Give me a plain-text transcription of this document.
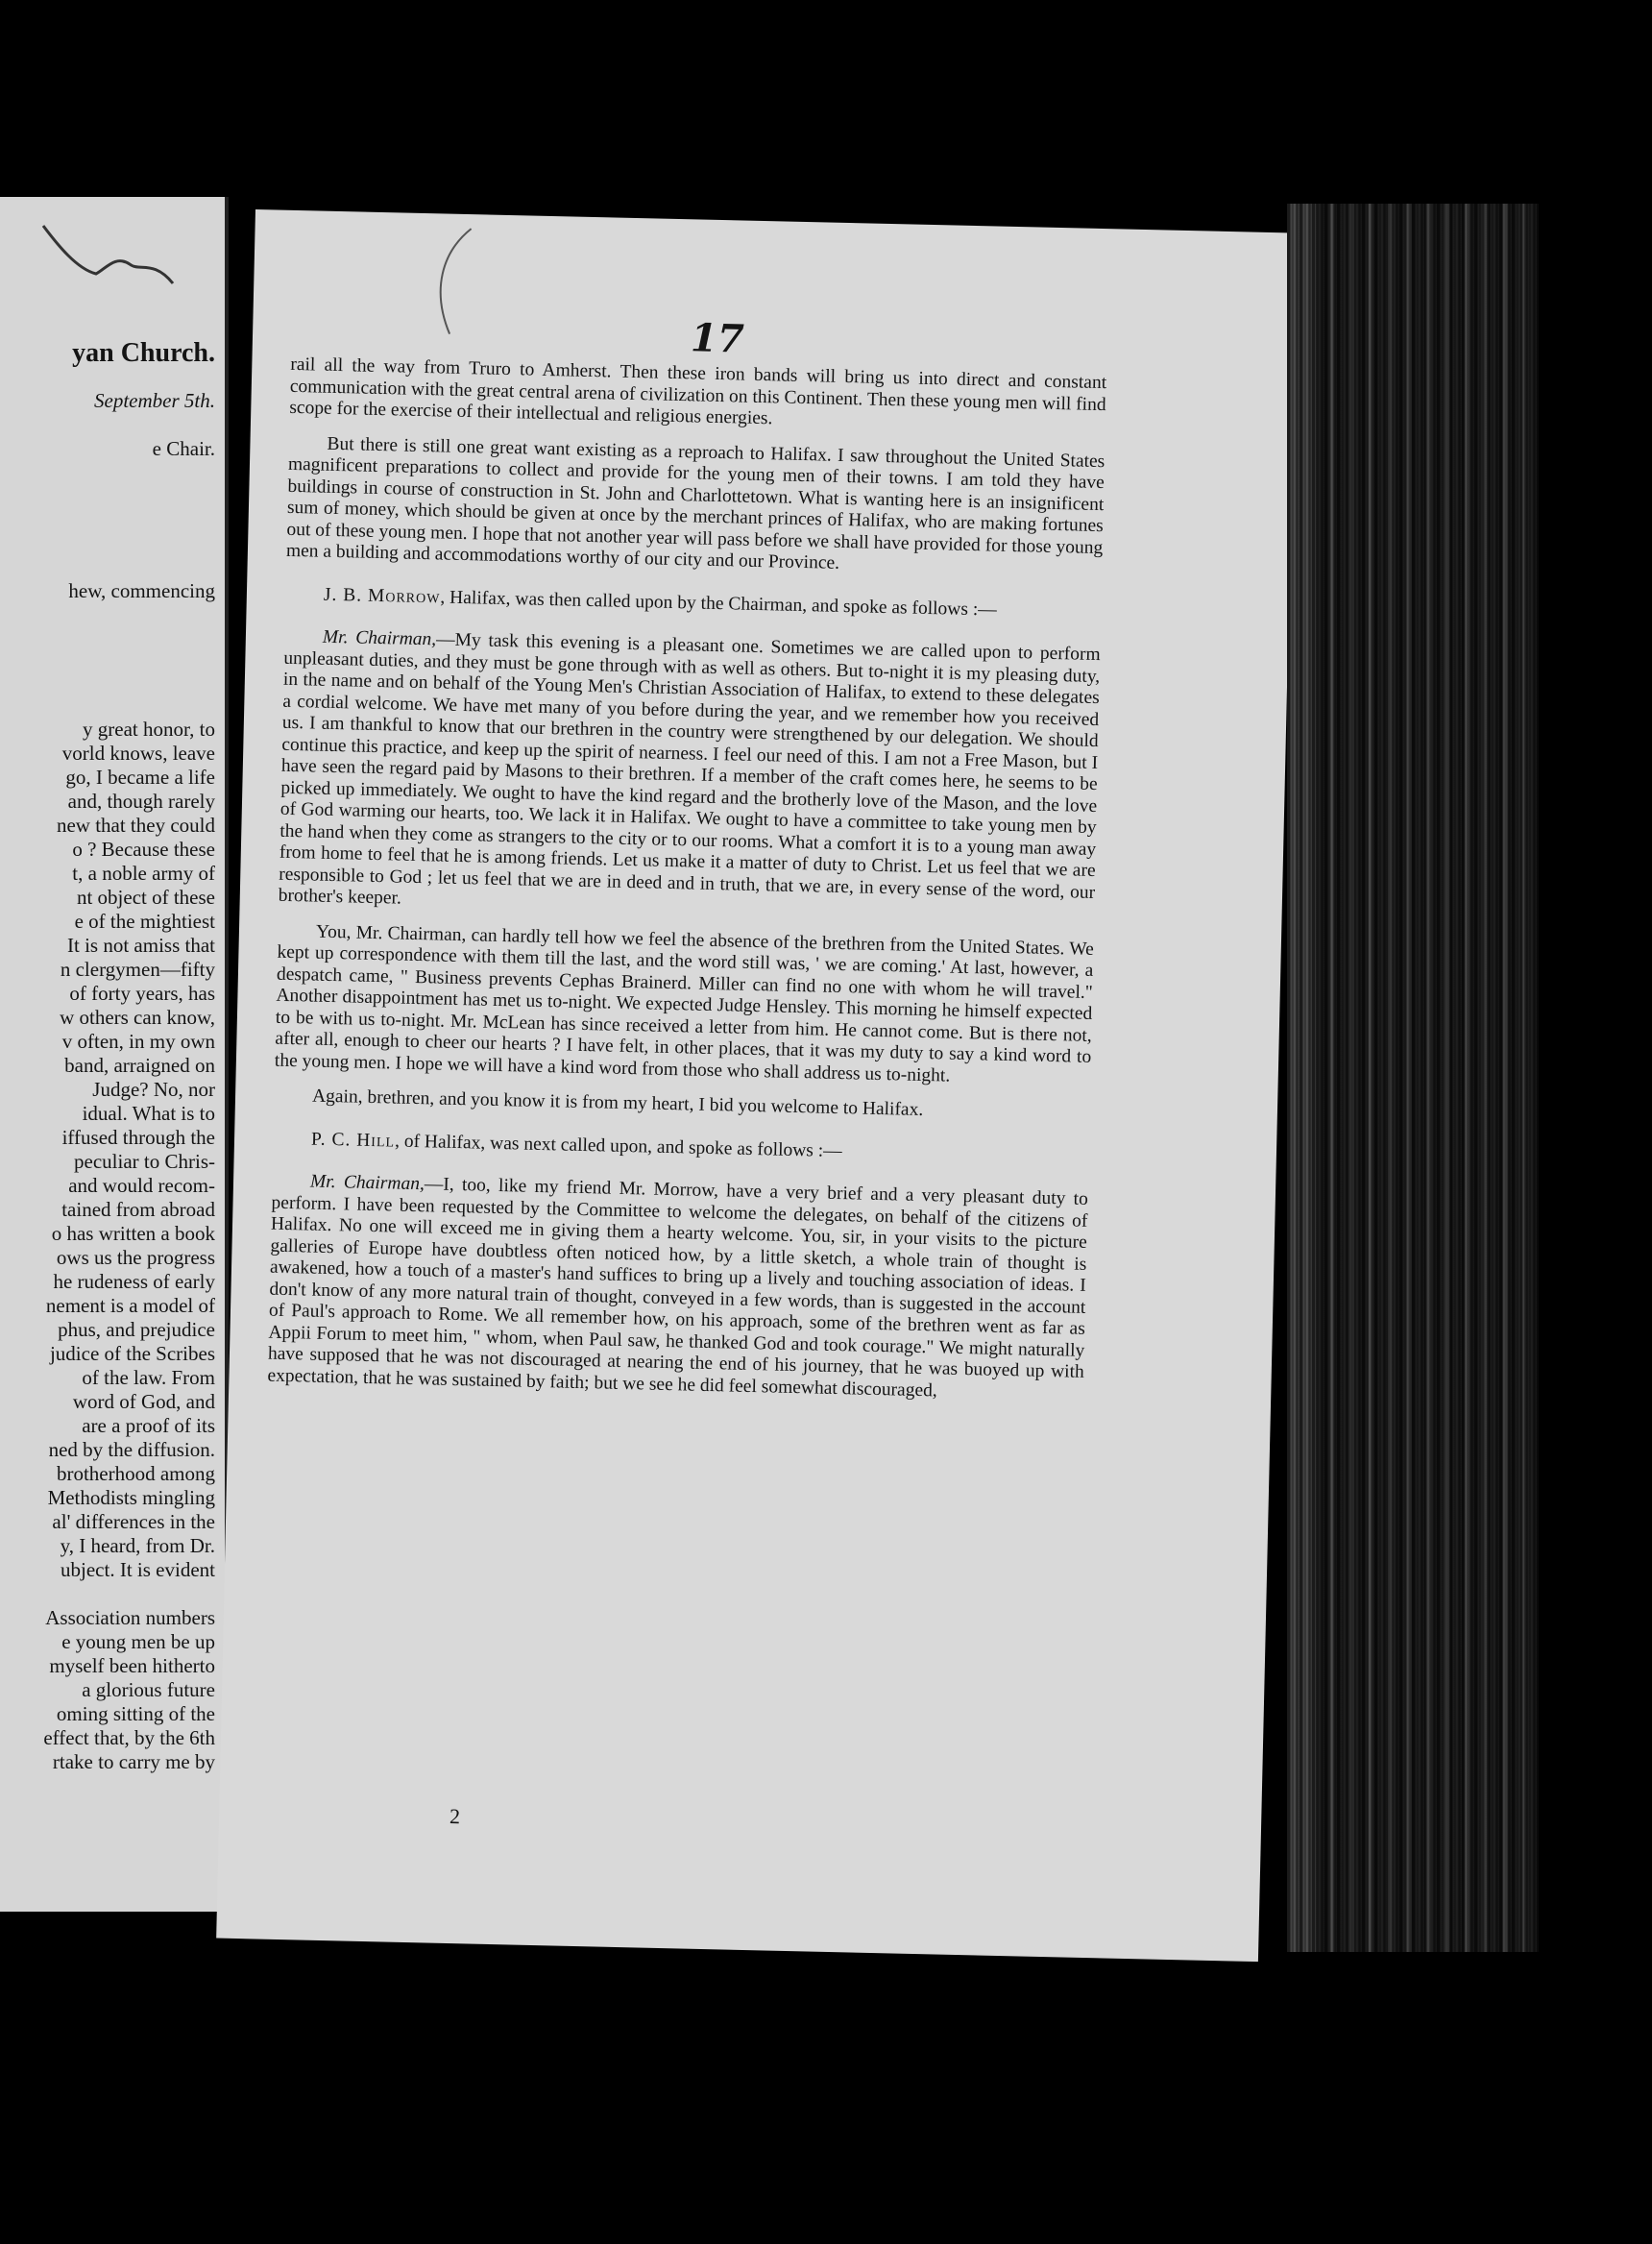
yan Church.
September 5th.
e Chair.
hew, commencing
y great honor, to
vorld knows, leave
go, I became a life
and, though rarely
new that they could
o ? Because these
t, a noble army of
nt object of these
e of the mightiest
It is not amiss that
n clergymen—fifty
of forty years, has
w others can know,
v often, in my own
band, arraigned on
Judge? No, nor
idual. What is to
iffused through the
peculiar to Chris-
and would recom-
tained from abroad
o has written a book
ows us the progress
he rudeness of early
nement is a model of
phus, and prejudice
judice of the Scribes
of the law. From
word of God, and
are a proof of its
ned by the diffusion.
brotherhood among
Methodists mingling
al' differences in the
y, I heard, from Dr.
ubject. It is evident
Association numbers
e young men be up
myself been hitherto
a glorious future
oming sitting of the
effect that, by the 6th
rtake to carry me by
17

rail all the way from Truro to Amherst. Then these iron bands will bring us into direct and constant communication with the great central arena of civilization on this Continent. Then these young men will find scope for the exercise of their intellectual and religious energies.

But there is still one great want existing as a reproach to Halifax. I saw throughout the United States magnificent preparations to collect and provide for the young men of their towns. I am told they have buildings in course of construction in St. John and Charlottetown. What is wanting here is an insignificent sum of money, which should be given at once by the merchant princes of Halifax, who are making fortunes out of these young men. I hope that not another year will pass before we shall have provided for those young men a building and accommodations worthy of our city and our Province.

J. B. Morrow, Halifax, was then called upon by the Chairman, and spoke as follows :—

Mr. Chairman,—My task this evening is a pleasant one. Sometimes we are called upon to perform unpleasant duties, and they must be gone through with as well as others. But to-night it is my pleasing duty, in the name and on behalf of the Young Men's Christian Association of Halifax, to extend to these delegates a cordial welcome. We have met many of you before during the year, and we remember how you received us. I am thankful to know that our brethren in the country were strengthened by our delegation. We should continue this practice, and keep up the spirit of nearness. I feel our need of this. I am not a Free Mason, but I have seen the regard paid by Masons to their brethren. If a member of the craft comes here, he seems to be picked up immediately. We ought to have the kind regard and the brotherly love of the Mason, and the love of God warming our hearts, too. We lack it in Halifax. We ought to have a committee to take young men by the hand when they come as strangers to the city or to our rooms. What a comfort it is to a young man away from home to feel that he is among friends. Let us make it a matter of duty to Christ. Let us feel that we are responsible to God ; let us feel that we are in deed and in truth, that we are, in every sense of the word, our brother's keeper.

You, Mr. Chairman, can hardly tell how we feel the absence of the brethren from the United States. We kept up correspondence with them till the last, and the word still was, ' we are coming.' At last, however, a despatch came, " Business prevents Cephas Brainerd. Miller can find no one with whom he will travel." Another disappointment has met us to-night. We expected Judge Hensley. This morning he himself expected to be with us to-night. Mr. McLean has since received a letter from him. He cannot come. But is there not, after all, enough to cheer our hearts ? I have felt, in other places, that it was my duty to say a kind word to the young men. I hope we will have a kind word from those who shall address us to-night.

Again, brethren, and you know it is from my heart, I bid you welcome to Halifax.

P. C. Hill, of Halifax, was next called upon, and spoke as follows :—

Mr. Chairman,—I, too, like my friend Mr. Morrow, have a very brief and a very pleasant duty to perform. I have been requested by the Committee to welcome the delegates, on behalf of the citizens of Halifax. No one will exceed me in giving them a hearty welcome. You, sir, in your visits to the picture galleries of Europe have doubtless often noticed how, by a little sketch, a whole train of thought is awakened, how a touch of a master's hand suffices to bring up a lively and touching association of ideas. I don't know of any more natural train of thought, conveyed in a few words, than is suggested in the account of Paul's approach to Rome. We all remember how, on his approach, some of the brethren went as far as Appii Forum to meet him, " whom, when Paul saw, he thanked God and took courage." We might naturally have supposed that he was not discouraged at nearing the end of his journey, that he was buoyed up with expectation, that he was sustained by faith; but we see he did feel somewhat discouraged,

2
